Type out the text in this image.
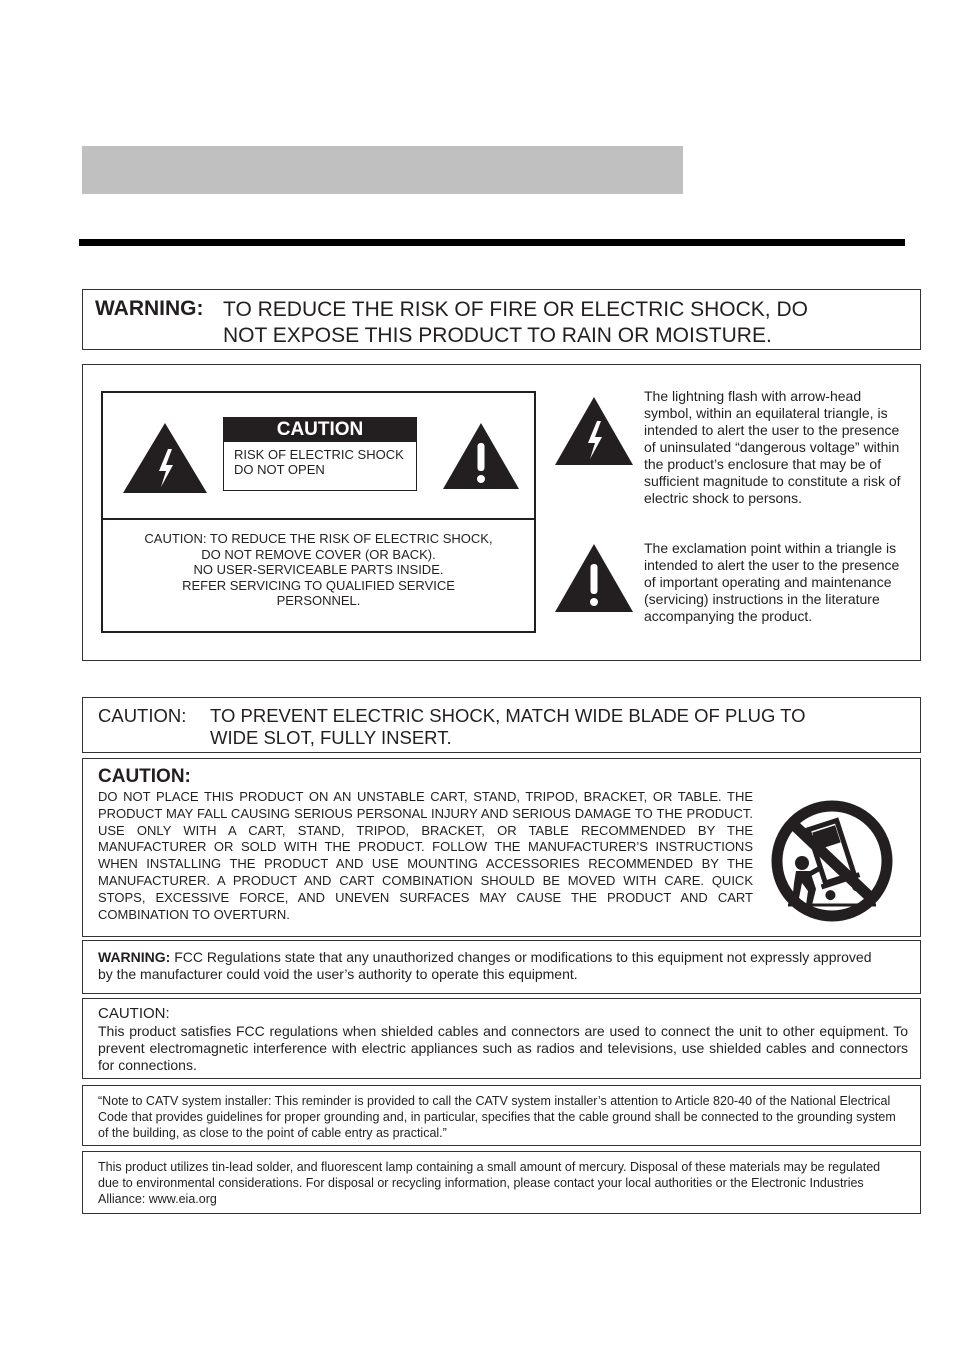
WARNING: TO REDUCE THE RISK OF FIRE OR ELECTRIC SHOCK, DO
NOT EXPOSE THIS PRODUCT TO RAIN OR MOISTURE.
CAUTION
RISK OF ELECTRIC SHOCK
DO NOT OPEN
CAUTION: TO REDUCE THE RISK OF ELECTRIC SHOCK,
DO NOT REMOVE COVER (OR BACK).
NO USER-SERVICEABLE PARTS INSIDE.
REFER SERVICING TO QUALIFIED SERVICE
PERSONNEL.
The lightning flash with arrow-head symbol, within an equilateral triangle, is intended to alert the user to the presence of uninsulated “dangerous voltage” within the product’s enclosure that may be of sufficient magnitude to constitute a risk of electric shock to persons.
The exclamation point within a triangle is intended to alert the user to the presence of important operating and maintenance (servicing) instructions in the literature accompanying the product.
CAUTION: TO PREVENT ELECTRIC SHOCK, MATCH WIDE BLADE OF PLUG TO
WIDE SLOT, FULLY INSERT.
CAUTION:
DO NOT PLACE THIS PRODUCT ON AN UNSTABLE CART, STAND, TRIPOD, BRACKET, OR TABLE. THE PRODUCT MAY FALL CAUSING SERIOUS PERSONAL INJURY AND SERIOUS DAMAGE TO THE PRODUCT. USE ONLY WITH A CART, STAND, TRIPOD, BRACKET, OR TABLE RECOMMENDED BY THE MANUFACTURER OR SOLD WITH THE PRODUCT. FOLLOW THE MANUFACTURER’S INSTRUCTIONS WHEN INSTALLING THE PRODUCT AND USE MOUNTING ACCESSORIES RECOMMENDED BY THE MANUFACTURER. A PRODUCT AND CART COMBINATION SHOULD BE MOVED WITH CARE. QUICK STOPS, EXCESSIVE FORCE, AND UNEVEN SURFACES MAY CAUSE THE PRODUCT AND CART COMBINATION TO OVERTURN.
WARNING: FCC Regulations state that any unauthorized changes or modifications to this equipment not expressly approved by the manufacturer could void the user’s authority to operate this equipment.
CAUTION:
This product satisfies FCC regulations when shielded cables and connectors are used to connect the unit to other equipment. To prevent electromagnetic interference with electric appliances such as radios and televisions, use shielded cables and connectors for connections.
“Note to CATV system installer: This reminder is provided to call the CATV system installer’s attention to Article 820-40 of the National Electrical Code that provides guidelines for proper grounding and, in particular, specifies that the cable ground shall be connected to the grounding system of the building, as close to the point of cable entry as practical.”
This product utilizes tin-lead solder, and fluorescent lamp containing a small amount of mercury. Disposal of these materials may be regulated due to environmental considerations. For disposal or recycling information, please contact your local authorities or the Electronic Industries Alliance: www.eia.org
